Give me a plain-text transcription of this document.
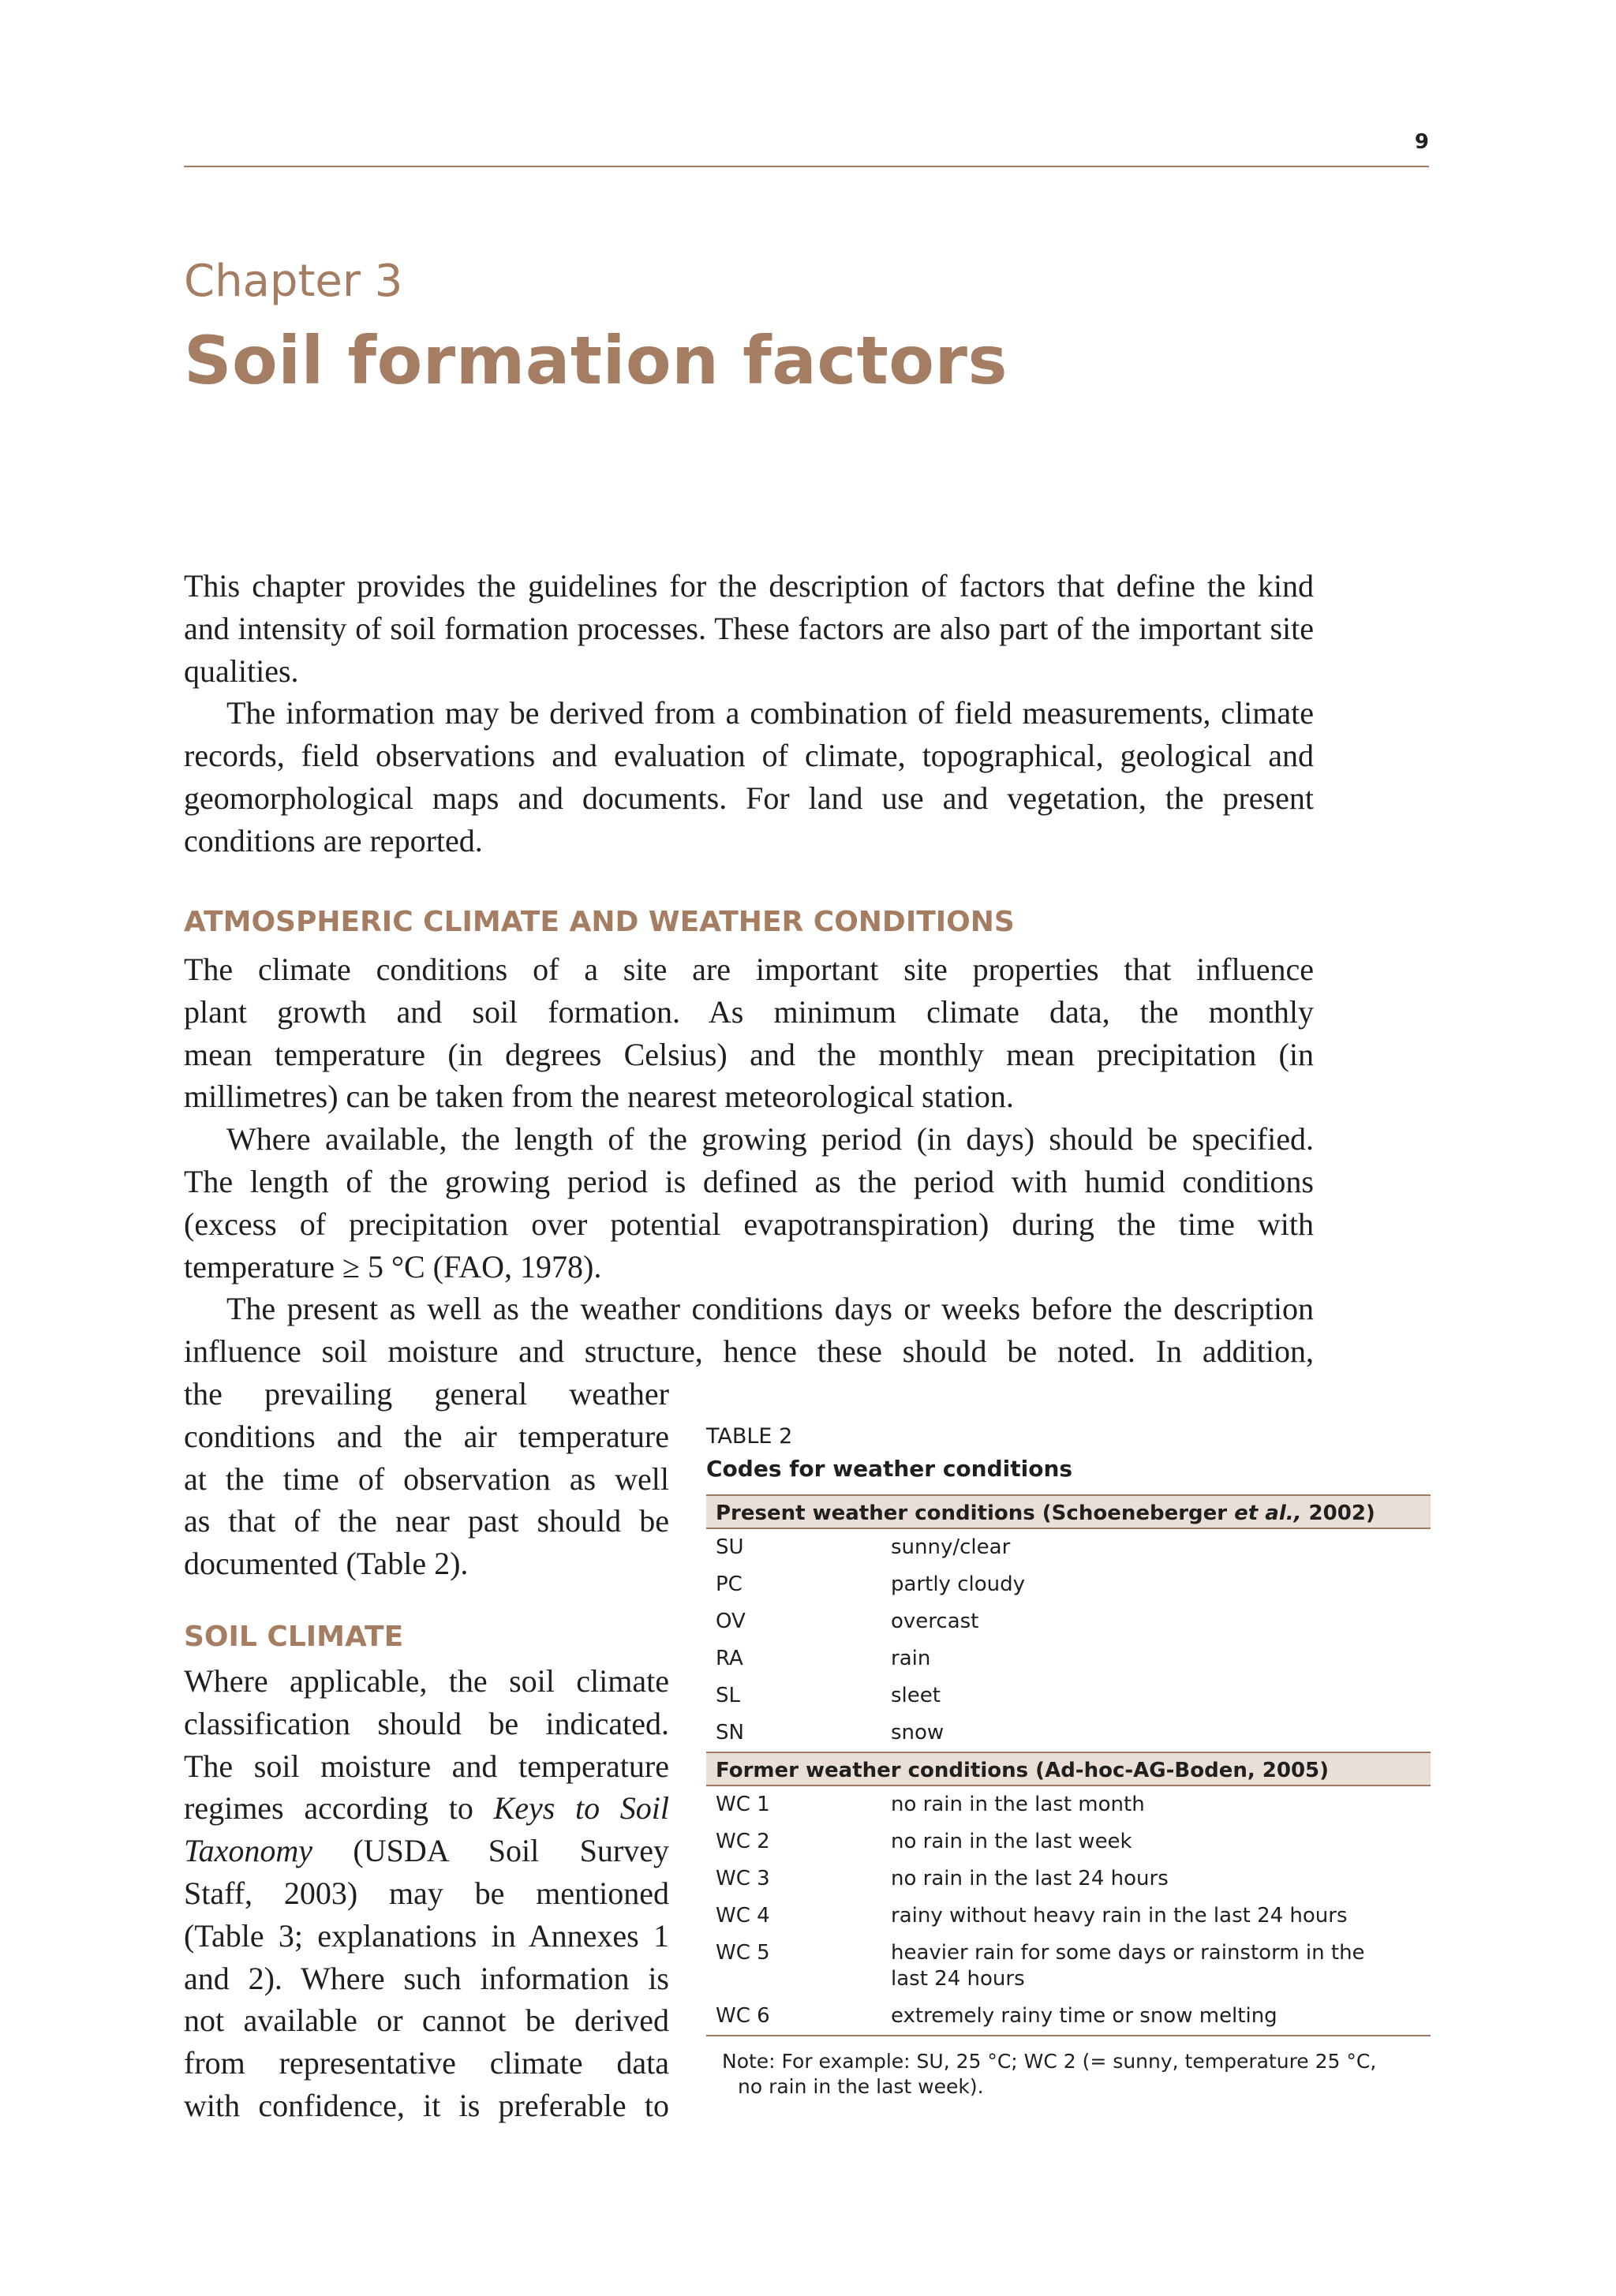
9
Chapter 3
Soil formation factors

This chapter provides the guidelines for the description of factors that define the kind and intensity of soil formation processes. These factors are also part of the important site qualities.

The information may be derived from a combination of field measurements, climate records, field observations and evaluation of climate, topographical, geological and geomorphological maps and documents. For land use and vegetation, the present conditions are reported.

ATMOSPHERIC CLIMATE AND WEATHER CONDITIONS
The climate conditions of a site are important site properties that influence
plant growth and soil formation. As minimum climate data, the monthly
mean temperature (in degrees Celsius) and the monthly mean precipitation (in
millimetres) can be taken from the nearest meteorological station.
Where available, the length of the growing period (in days) should be specified.
The length of the growing period is defined as the period with humid conditions
(excess of precipitation over potential evapotranspiration) during the time with
temperature ≥ 5 °C (FAO, 1978).
The present as well as the weather conditions days or weeks before the description
influence soil moisture and structure, hence these should be noted. In addition,
the prevailing general weather
conditions and the air temperature
at the time of observation as well
as that of the near past should be
documented (Table 2).
SOIL CLIMATE
Where applicable, the soil climate
classification should be indicated.
The soil moisture and temperature
regimes according to Keys to Soil
Taxonomy (USDA Soil Survey
Staff, 2003) may be mentioned
(Table 3; explanations in Annexes 1
and 2). Where such information is
not available or cannot be derived
from representative climate data
with confidence, it is preferable to
TABLE 2
Codes for weather conditions
Present weather conditions (Schoeneberger et al., 2002)
SU	sunny/clear
PC	partly cloudy
OV	overcast
RA	rain
SL	sleet
SN	snow
Former weather conditions (Ad-hoc-AG-Boden, 2005)
WC 1	no rain in the last month
WC 2	no rain in the last week
WC 3	no rain in the last 24 hours
WC 4	rainy without heavy rain in the last 24 hours
WC 5	heavier rain for some days or rainstorm in the last 24 hours
WC 6	extremely rainy time or snow melting
Note: For example: SU, 25 °C; WC 2 (= sunny, temperature 25 °C, no rain in the last week).
